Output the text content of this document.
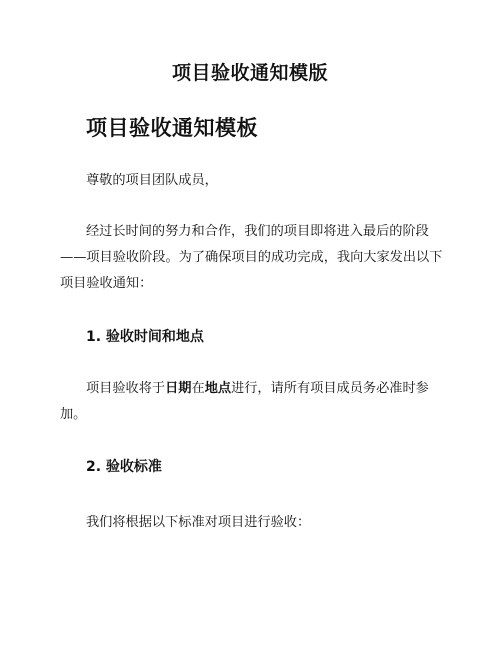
项目验收通知模版
项目验收通知模板
尊敬的项目团队成员，
经过长时间的努力和合作，我们的项目即将进入最后的阶段——项目验收阶段。为了确保项目的成功完成，我向大家发出以下项目验收通知：
1. 验收时间和地点
项目验收将于日期在地点进行，请所有项目成员务必准时参加。
2. 验收标准
我们将根据以下标准对项目进行验收：
